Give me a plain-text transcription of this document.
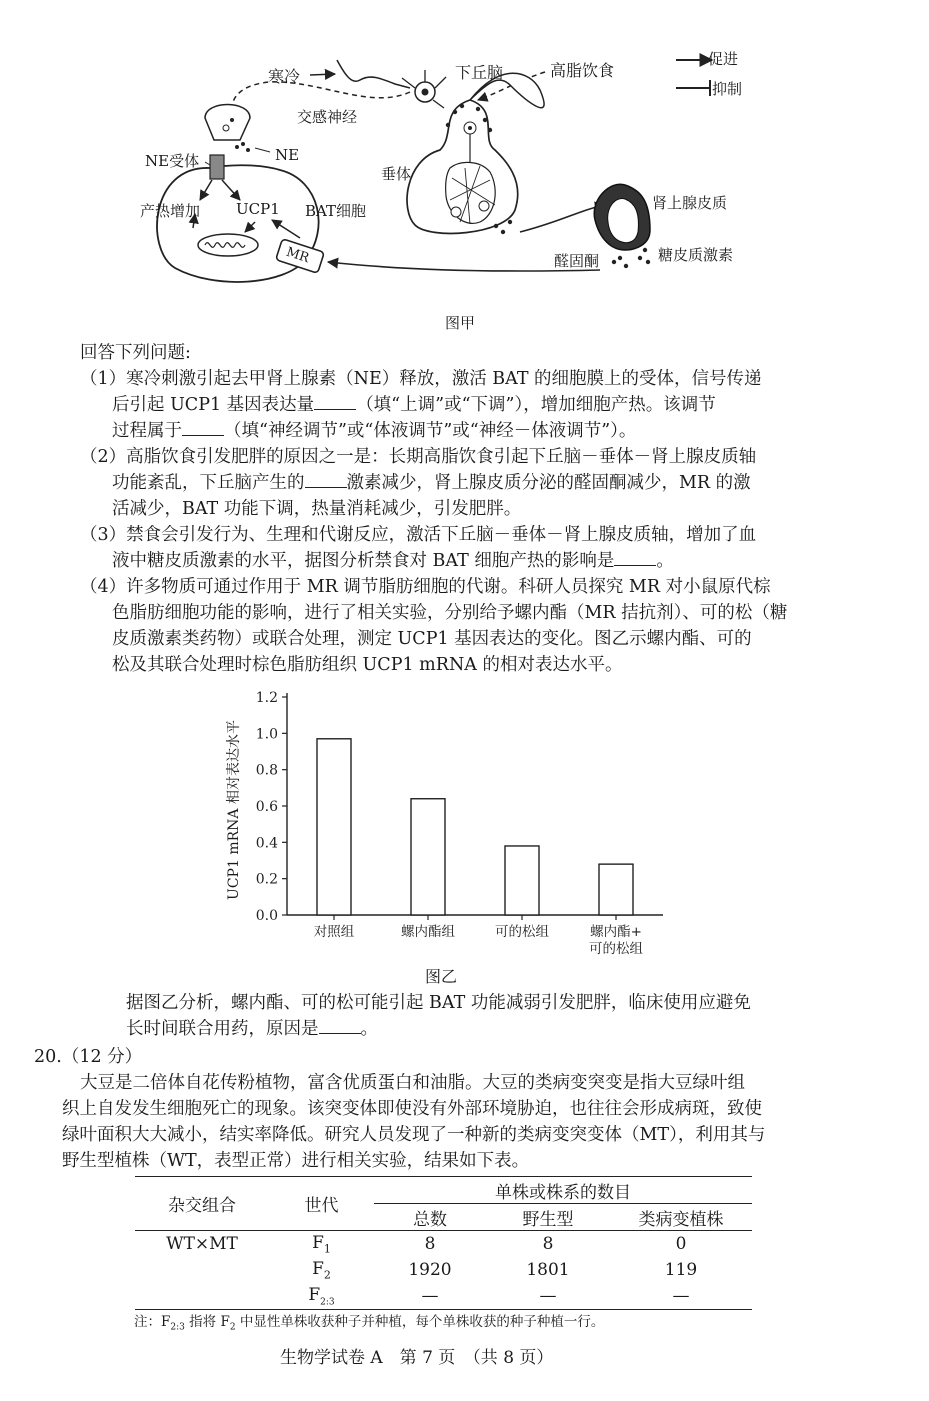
促进
抑制
寒冷	下丘脑	高脂饮食
交感神经
NE受体	NE
垂体
产热增加 UCP1 BAT细胞	肾上腺皮质
MR	醛固酮	糖皮质激素
图甲
回答下列问题:
（1）寒冷刺激引起去甲肾上腺素（NE）释放，激活 BAT 的细胞膜上的受体，信号传递
后引起 UCP1 基因表达量 （填“上调”或“下调”），增加细胞产热。该调节
过程属于 （填“神经调节”或“体液调节”或“神经－体液调节”）。
（2）高脂饮食引发肥胖的原因之一是：长期高脂饮食引起下丘脑－垂体－肾上腺皮质轴
功能紊乱，下丘脑产生的 激素减少，肾上腺皮质分泌的醛固酮减少，MR 的激
活减少，BAT 功能下调，热量消耗减少，引发肥胖。
（3）禁食会引发行为、生理和代谢反应，激活下丘脑－垂体－肾上腺皮质轴，增加了血
液中糖皮质激素的水平，据图分析禁食对 BAT 细胞产热的影响是 。
（4）许多物质可通过作用于 MR 调节脂肪细胞的代谢。科研人员探究 MR 对小鼠原代棕
色脂肪细胞功能的影响，进行了相关实验，分别给予螺内酯（MR 拮抗剂）、可的松（糖
皮质激素类药物）或联合处理，测定 UCP1 基因表达的变化。图乙示螺内酯、可的
松及其联合处理时棕色脂肪组织 UCP1 mRNA 的相对表达水平。
0.0
0.2
0.4
0.6
0.8
1.0
1.2
对照组	螺内酯组	可的松组	螺内酯+
可的松组
UCP1 mRNA 相对表达水平
图乙
据图乙分析，螺内酯、可的松可能引起 BAT 功能减弱引发肥胖，临床使用应避免
长时间联合用药，原因是 。
20.（12 分）
大豆是二倍体自花传粉植物，富含优质蛋白和油脂。大豆的类病变突变是指大豆绿叶组
织上自发发生细胞死亡的现象。该突变体即使没有外部环境胁迫，也往往会形成病斑，致使
绿叶面积大大减小，结实率降低。研究人员发现了一种新的类病变突变体（MT），利用其与
野生型植株（WT，表型正常）进行相关实验，结果如下表。
杂交组合	世代	单株或株系的数目		
		总数	野生型	类病变植株

WT×MT	$F_1$	8	8	0
	$F_2$	1920	1801	119
	$F_{2:3}$	—	—	—
注：$F_{2:3}$ 指将 $F_2$ 中显性单株收获种子并种植，每个单株收获的种子种植一行。
生物学试卷 A　第 7 页　（共 8 页）
